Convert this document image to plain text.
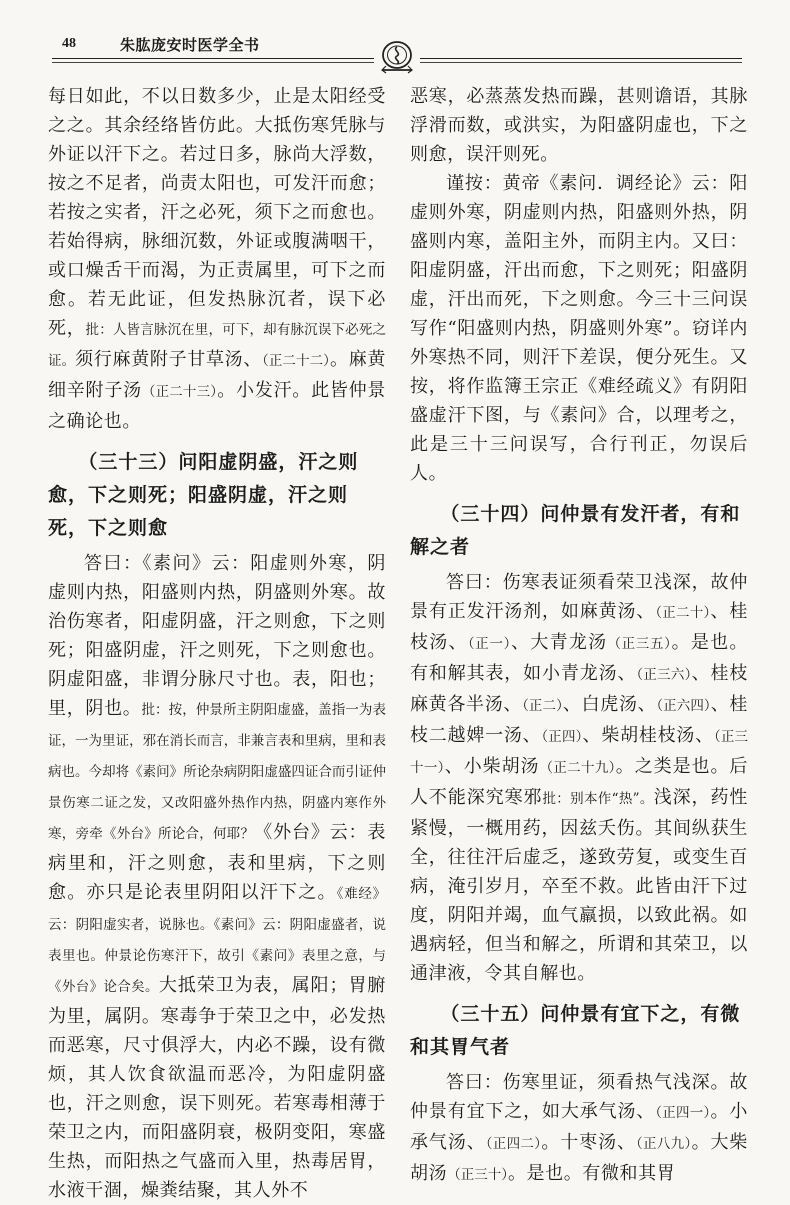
48	朱肱庞安时医学全书

每日如此，不以日数多少，止是太阳经受之之。其余经络皆仿此。大抵伤寒凭脉与外证以汗下之。若过日多，脉尚大浮数，按之不足者，尚责太阳也，可发汗而愈；若按之实者，汗之必死，须下之而愈也。若始得病，脉细沉数，外证或腹满咽干，或口燥舌干而渴，为正责属里，可下之而愈。若无此证，但发热脉沉者，误下必死，批：人皆言脉沉在里，可下，却有脉沉误下必死之证。须行麻黄附子甘草汤、（正二十二）。麻黄细辛附子汤（正二十三）。小发汗。此皆仲景之确论也。

（三十三）问阳虚阴盛，汗之则愈，下之则死；阳盛阴虚，汗之则死，下之则愈

答曰：《素问》云：阳虚则外寒，阴虚则内热，阳盛则内热，阴盛则外寒。故治伤寒者，阳虚阴盛，汗之则愈，下之则死；阳盛阴虚，汗之则死，下之则愈也。阴虚阳盛，非谓分脉尺寸也。表，阳也；里，阴也。批：按，仲景所主阴阳虚盛，盖指一为表证，一为里证，邪在消长而言，非兼言表和里病，里和表病也。今却将《素问》所论杂病阴阳虚盛四证合而引证仲景伤寒二证之发，又改阳盛外热作内热，阴盛内寒作外寒，旁牵《外台》所论合，何耶？《外台》云：表病里和，汗之则愈，表和里病，下之则愈。亦只是论表里阴阳以汗下之。《难经》云：阴阳虚实者，说脉也。《素问》云：阴阳虚盛者，说表里也。仲景论伤寒汗下，故引《素问》表里之意，与《外台》论合矣。大抵荣卫为表，属阳；胃腑为里，属阴。寒毒争于荣卫之中，必发热而恶寒，尺寸俱浮大，内必不躁，设有微烦，其人饮食欲温而恶冷，为阳虚阴盛也，汗之则愈，误下则死。若寒毒相薄于荣卫之内，而阳盛阴衰，极阴变阳，寒盛生热，而阳热之气盛而入里，热毒居胃，水液干涸，燥粪结聚，其人外不

恶寒，必蒸蒸发热而躁，甚则谵语，其脉浮滑而数，或洪实，为阳盛阴虚也，下之则愈，误汗则死。

谨按：黄帝《素问．调经论》云：阳虚则外寒，阴虚则内热，阳盛则外热，阴盛则内寒，盖阳主外，而阴主内。又曰：阳虚阴盛，汗出而愈，下之则死；阳盛阴虚，汗出而死，下之则愈。今三十三问误写作“阳盛则内热，阴盛则外寒”。窃详内外寒热不同，则汗下差误，便分死生。又按，将作监簿王宗正《难经疏义》有阴阳盛虚汗下图，与《素问》合，以理考之，此是三十三问误写，合行刊正，勿误后人。

（三十四）问仲景有发汗者，有和解之者

答曰：伤寒表证须看荣卫浅深，故仲景有正发汗汤剂，如麻黄汤、（正二十）、桂枝汤、（正一）、大青龙汤（正三五）。是也。有和解其表，如小青龙汤、（正三六）、桂枝麻黄各半汤、（正二）、白虎汤、（正六四）、桂枝二越婢一汤、（正四）、柴胡桂枝汤、（正三十一）、小柴胡汤（正二十九）。之类是也。后人不能深究寒邪批：别本作“热”。浅深，药性紧慢，一概用药，因兹夭伤。其间纵获生全，往往汗后虚乏，遂致劳复，或变生百病，淹引岁月，卒至不救。此皆由汗下过度，阴阳并竭，血气羸损，以致此祸。如遇病轻，但当和解之，所谓和其荣卫，以通津液，令其自解也。

（三十五）问仲景有宜下之，有微和其胃气者

答曰：伤寒里证，须看热气浅深。故仲景有宜下之，如大承气汤、（正四一）。小承气汤、（正四二）。十枣汤、（正八九）。大柴胡汤（正三十）。是也。有微和其胃
